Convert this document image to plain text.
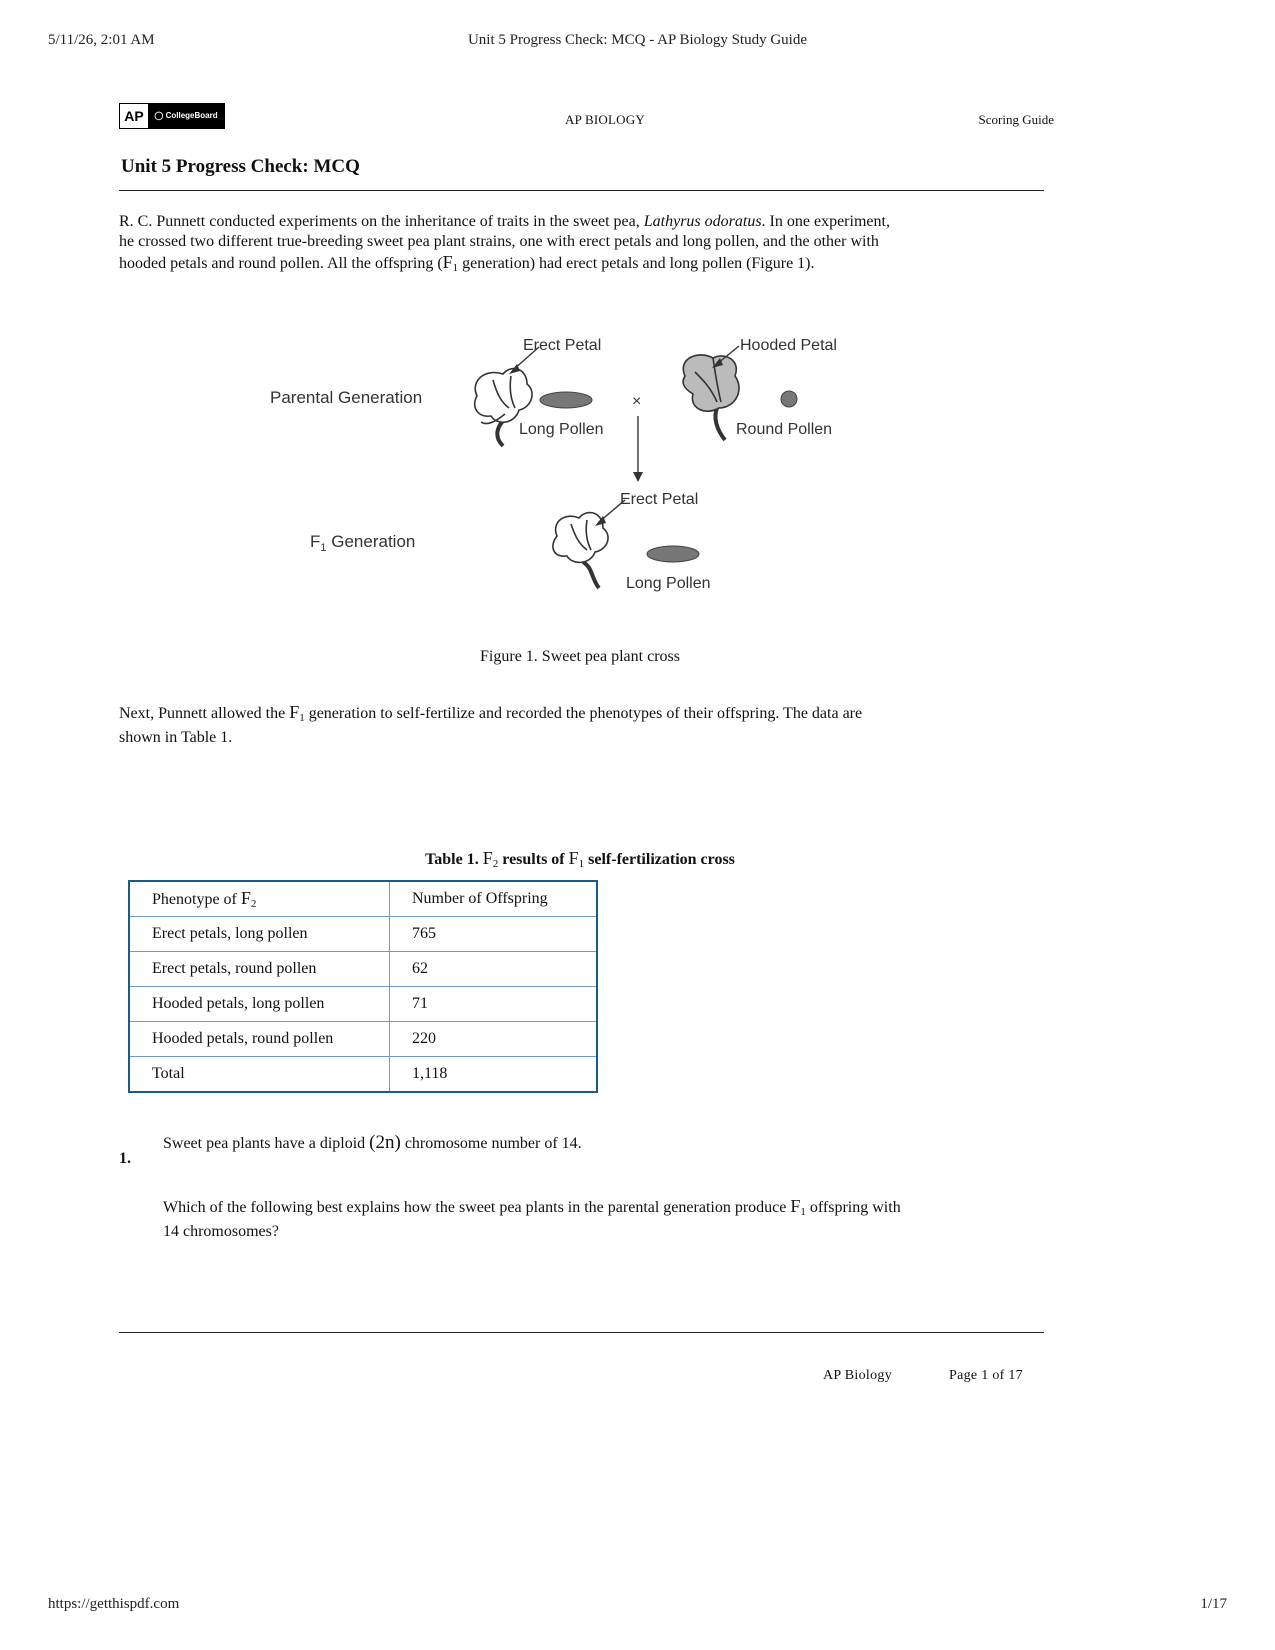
5/11/26, 2:01 AM	Unit 5 Progress Check: MCQ - AP Biology Study Guide
AP	◯ CollegeBoard	AP BIOLOGY	Scoring Guide
Unit 5 Progress Check: MCQ
R. C. Punnett conducted experiments on the inheritance of traits in the sweet pea, Lathyrus odoratus. In one experiment,
he crossed two different true-breeding sweet pea plant strains, one with erect petals and long pollen, and the other with
hooded petals and round pollen. All the offspring ($F_1$ generation) had erect petals and long pollen (Figure 1).
Parental Generation
$F_1$ Generation
Erect Petal
Long Pollen
×
Hooded Petal
Round Pollen
Erect Petal
Long Pollen
Figure 1. Sweet pea plant cross
Next, Punnett allowed the $F_1$ generation to self-fertilize and recorded the phenotypes of their offspring. The data are
shown in Table 1.
Table 1. $F_2$ results of $F_1$ self-fertilization cross
Phenotype of $F_2$	Number of Offspring
Erect petals, long pollen	765
Erect petals, round pollen	62
Hooded petals, long pollen	71
Hooded petals, round pollen	220
Total	1,118
1.
Sweet pea plants have a diploid (2n) chromosome number of 14.
Which of the following best explains how the sweet pea plants in the parental generation produce $F_1$ offspring with
14 chromosomes?
AP Biology	Page 1 of 17
https://getthispdf.com	1/17
